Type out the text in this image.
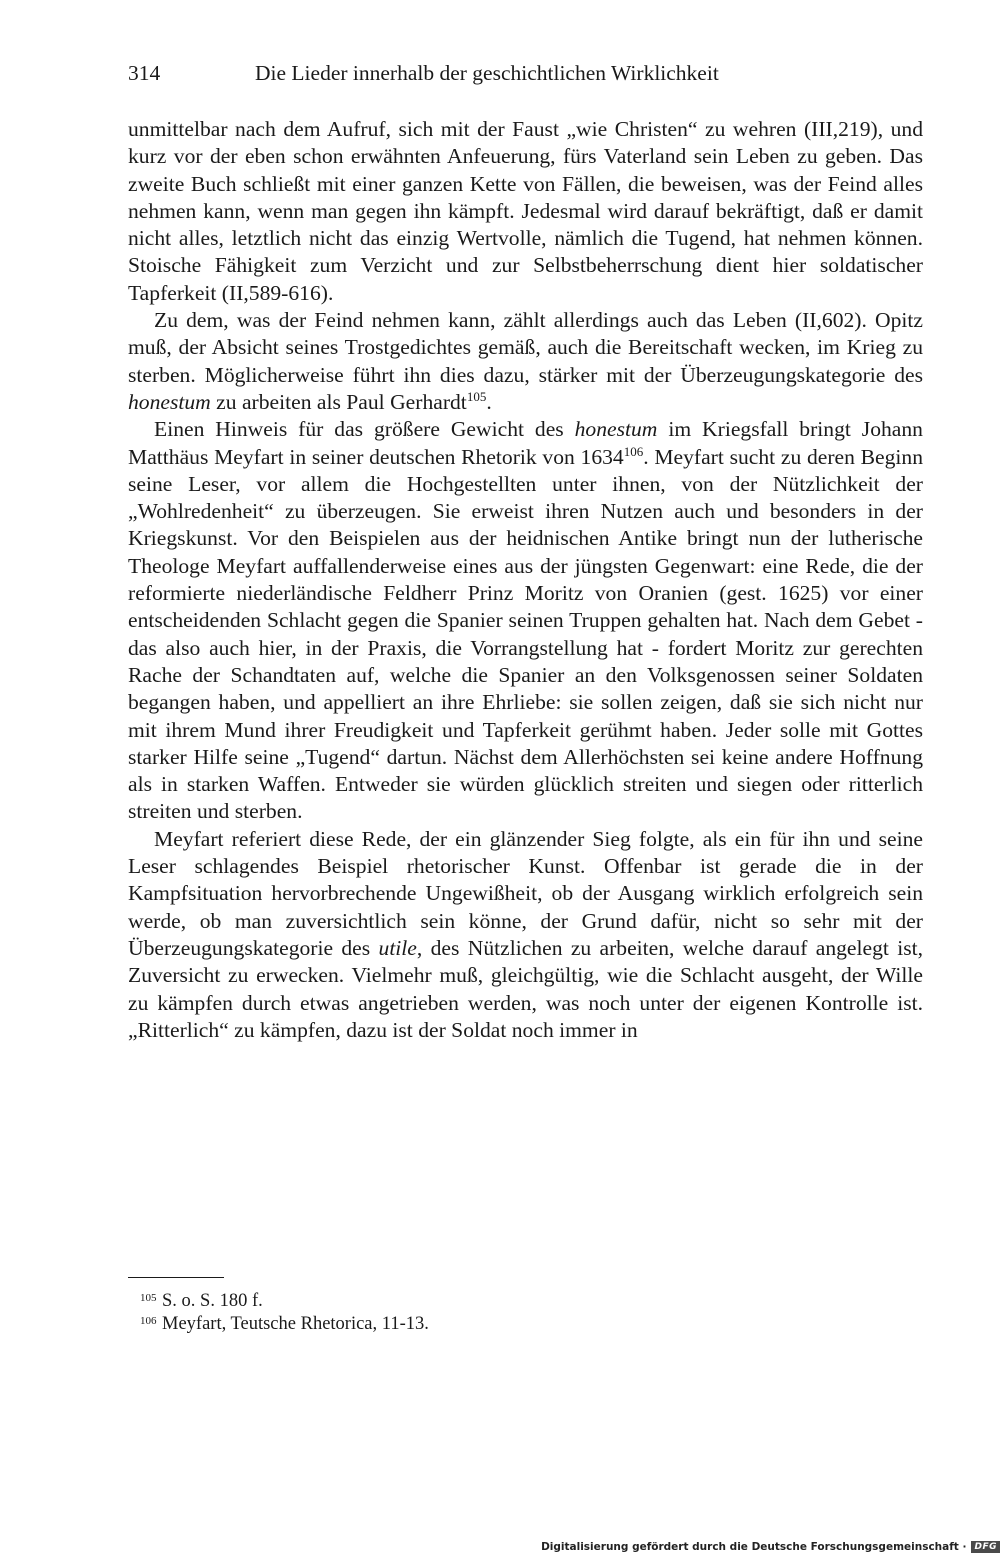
314	Die Lieder innerhalb der geschichtlichen Wirklichkeit

unmittelbar nach dem Aufruf, sich mit der Faust „wie Christen“ zu wehren (III,219), und kurz vor der eben schon erwähnten Anfeuerung, fürs Vaterland sein Leben zu geben. Das zweite Buch schließt mit einer ganzen Kette von Fällen, die beweisen, was der Feind alles nehmen kann, wenn man gegen ihn kämpft. Jedesmal wird darauf bekräftigt, daß er damit nicht alles, letztlich nicht das einzig Wertvolle, nämlich die Tugend, hat nehmen können. Stoische Fähigkeit zum Verzicht und zur Selbstbeherrschung dient hier soldatischer Tapferkeit (II,589-616).

Zu dem, was der Feind nehmen kann, zählt allerdings auch das Leben (II,602). Opitz muß, der Absicht seines Trostgedichtes gemäß, auch die Bereitschaft wecken, im Krieg zu sterben. Möglicherweise führt ihn dies dazu, stärker mit der Überzeugungskategorie des honestum zu arbeiten als Paul Gerhardt$^{105}$.

Einen Hinweis für das größere Gewicht des honestum im Kriegsfall bringt Johann Matthäus Meyfart in seiner deutschen Rhetorik von 1634$^{106}$. Meyfart sucht zu deren Beginn seine Leser, vor allem die Hochgestellten unter ihnen, von der Nützlichkeit der „Wohlredenheit“ zu überzeugen. Sie erweist ihren Nutzen auch und besonders in der Kriegskunst. Vor den Beispielen aus der heidnischen Antike bringt nun der lutherische Theologe Meyfart auffallenderweise eines aus der jüngsten Gegenwart: eine Rede, die der reformierte niederländische Feldherr Prinz Moritz von Oranien (gest. 1625) vor einer entscheidenden Schlacht gegen die Spanier seinen Truppen gehalten hat. Nach dem Gebet - das also auch hier, in der Praxis, die Vorrangstellung hat - fordert Moritz zur gerechten Rache der Schandtaten auf, welche die Spanier an den Volksgenossen seiner Soldaten begangen haben, und appelliert an ihre Ehrliebe: sie sollen zeigen, daß sie sich nicht nur mit ihrem Mund ihrer Freudigkeit und Tapferkeit gerühmt haben. Jeder solle mit Gottes starker Hilfe seine „Tugend“ dartun. Nächst dem Allerhöchsten sei keine andere Hoffnung als in starken Waffen. Entweder sie würden glücklich streiten und siegen oder ritterlich streiten und sterben.

Meyfart referiert diese Rede, der ein glänzender Sieg folgte, als ein für ihn und seine Leser schlagendes Beispiel rhetorischer Kunst. Offenbar ist gerade die in der Kampfsituation hervorbrechende Ungewißheit, ob der Ausgang wirklich erfolgreich sein werde, ob man zuversichtlich sein könne, der Grund dafür, nicht so sehr mit der Überzeugungskategorie des utile, des Nützlichen zu arbeiten, welche darauf angelegt ist, Zuversicht zu erwecken. Vielmehr muß, gleichgültig, wie die Schlacht ausgeht, der Wille zu kämpfen durch etwas angetrieben werden, was noch unter der eigenen Kontrolle ist. „Ritterlich“ zu kämpfen, dazu ist der Soldat noch immer in

105 S. o. S. 180 f.
106 Meyfart, Teutsche Rhetorica, 11-13.
Digitalisierung gefördert durch die Deutsche Forschungsgemeinschaft · DFG
